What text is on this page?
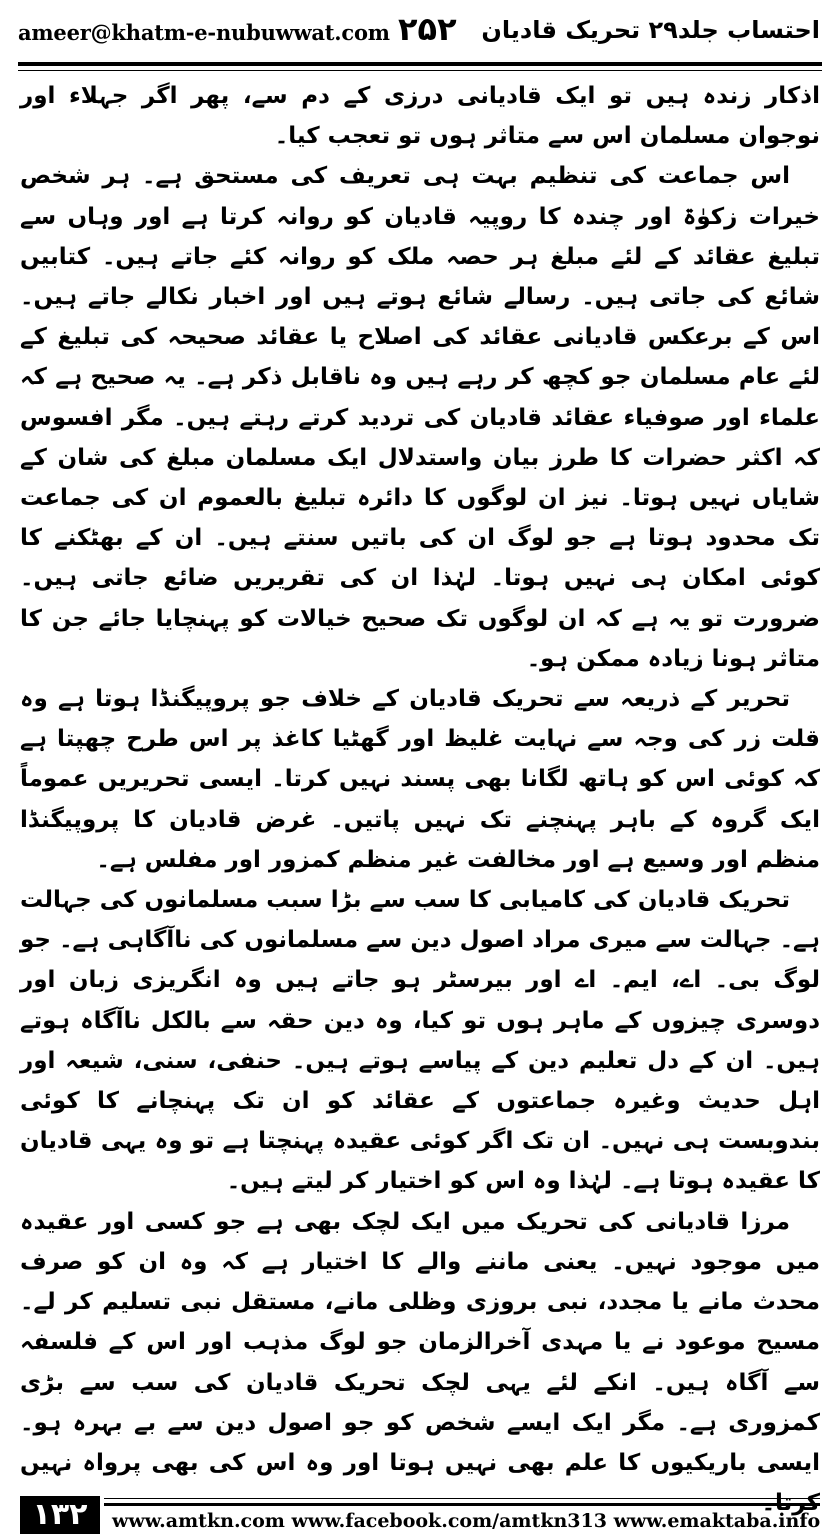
ameer@khatm-e-nubuwwat.com ۲۵۲ احتساب جلد۲۹ تحریک قادیان

اذکار زندہ ہیں تو ایک قادیانی درزی کے دم سے، پھر اگر جہلاء اور نوجوان مسلمان اس سے متاثر ہوں تو تعجب کیا۔

اس جماعت کی تنظیم بہت ہی تعریف کی مستحق ہے۔ ہر شخص خیرات زکوٰۃ اور چندہ کا روپیہ قادیان کو روانہ کرتا ہے اور وہاں سے تبلیغ عقائد کے لئے مبلغ ہر حصہ ملک کو روانہ کئے جاتے ہیں۔ کتابیں شائع کی جاتی ہیں۔ رسالے شائع ہوتے ہیں اور اخبار نکالے جاتے ہیں۔ اس کے برعکس قادیانی عقائد کی اصلاح یا عقائد صحیحہ کی تبلیغ کے لئے عام مسلمان جو کچھ کر رہے ہیں وہ ناقابل ذکر ہے۔ یہ صحیح ہے کہ علماء اور صوفیاء عقائد قادیان کی تردید کرتے رہتے ہیں۔ مگر افسوس کہ اکثر حضرات کا طرز بیان واستدلال ایک مسلمان مبلغ کی شان کے شایاں نہیں ہوتا۔ نیز ان لوگوں کا دائرہ تبلیغ بالعموم ان کی جماعت تک محدود ہوتا ہے جو لوگ ان کی باتیں سنتے ہیں۔ ان کے بھٹکنے کا کوئی امکان ہی نہیں ہوتا۔ لہٰذا ان کی تقریریں ضائع جاتی ہیں۔ ضرورت تو یہ ہے کہ ان لوگوں تک صحیح خیالات کو پہنچایا جائے جن کا متاثر ہونا زیادہ ممکن ہو۔

تحریر کے ذریعہ سے تحریک قادیان کے خلاف جو پروپیگنڈا ہوتا ہے وہ قلت زر کی وجہ سے نہایت غلیظ اور گھٹیا کاغذ پر اس طرح چھپتا ہے کہ کوئی اس کو ہاتھ لگانا بھی پسند نہیں کرتا۔ ایسی تحریریں عموماً ایک گروہ کے باہر پہنچنے تک نہیں پاتیں۔ غرض قادیان کا پروپیگنڈا منظم اور وسیع ہے اور مخالفت غیر منظم کمزور اور مفلس ہے۔

تحریک قادیان کی کامیابی کا سب سے بڑا سبب مسلمانوں کی جہالت ہے۔ جہالت سے میری مراد اصول دین سے مسلمانوں کی ناآگاہی ہے۔ جو لوگ بی۔ اے، ایم۔ اے اور بیرسٹر ہو جاتے ہیں وہ انگریزی زبان اور دوسری چیزوں کے ماہر ہوں تو کیا، وہ دین حقہ سے بالکل ناآگاہ ہوتے ہیں۔ ان کے دل تعلیم دین کے پیاسے ہوتے ہیں۔ حنفی، سنی، شیعہ اور اہل حدیث وغیرہ جماعتوں کے عقائد کو ان تک پہنچانے کا کوئی بندوبست ہی نہیں۔ ان تک اگر کوئی عقیدہ پہنچتا ہے تو وہ یہی قادیان کا عقیدہ ہوتا ہے۔ لہٰذا وہ اس کو اختیار کر لیتے ہیں۔

مرزا قادیانی کی تحریک میں ایک لچک بھی ہے جو کسی اور عقیدہ میں موجود نہیں۔ یعنی ماننے والے کا اختیار ہے کہ وہ ان کو صرف محدث مانے یا مجدد، نبی بروزی وظلی مانے، مستقل نبی تسلیم کر لے۔ مسیح موعود نے یا مہدی آخرالزمان جو لوگ مذہب اور اس کے فلسفہ سے آگاہ ہیں۔ انکے لئے یہی لچک تحریک قادیان کی سب سے بڑی کمزوری ہے۔ مگر ایک ایسے شخص کو جو اصول دین سے بے بہرہ ہو۔ ایسی باریکیوں کا علم بھی نہیں ہوتا اور وہ اس کی بھی پرواہ نہیں کرتا۔

۱۳۲	www.amtkn.com www.facebook.com/amtkn313 www.emaktaba.info
